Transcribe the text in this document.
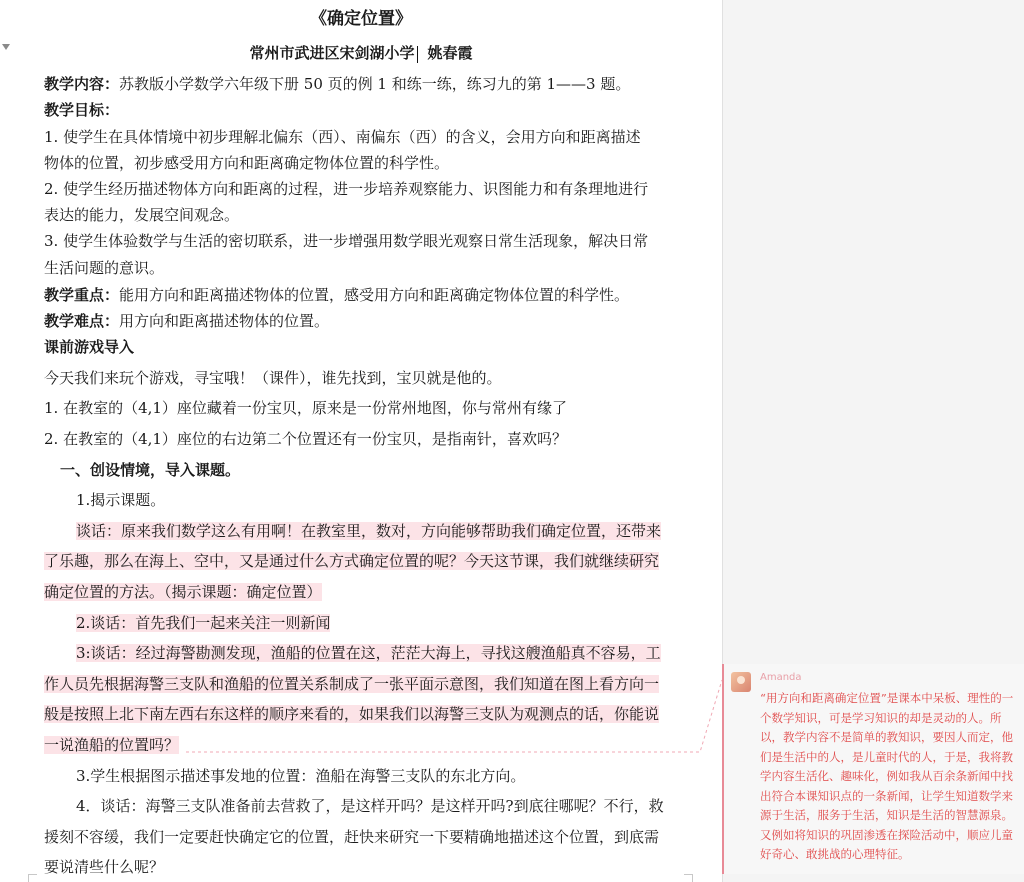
《确定位置》
常州市武进区宋剑湖小学 姚春霞
教学内容：苏教版小学数学六年级下册 50 页的例 1 和练一练，练习九的第 1——3 题。
教学目标：
1. 使学生在具体情境中初步理解北偏东（西）、南偏东（西）的含义，会用方向和距离描述
物体的位置，初步感受用方向和距离确定物体位置的科学性。
2. 使学生经历描述物体方向和距离的过程，进一步培养观察能力、识图能力和有条理地进行
表达的能力，发展空间观念。
3. 使学生体验数学与生活的密切联系，进一步增强用数学眼光观察日常生活现象，解决日常
生活问题的意识。
教学重点：能用方向和距离描述物体的位置，感受用方向和距离确定物体位置的科学性。
教学难点：用方向和距离描述物体的位置。
课前游戏导入
今天我们来玩个游戏，寻宝哦！（课件），谁先找到，宝贝就是他的。
1. 在教室的（4,1）座位藏着一份宝贝，原来是一份常州地图，你与常州有缘了
2. 在教室的（4,1）座位的右边第二个位置还有一份宝贝，是指南针，喜欢吗？
一、创设情境，导入课题。
1.揭示课题。
谈话：原来我们数学这么有用啊！在教室里，数对，方向能够帮助我们确定位置，还带来
了乐趣，那么在海上、空中，又是通过什么方式确定位置的呢？今天这节课，我们就继续研究
确定位置的方法。（揭示课题：确定位置）
2.谈话：首先我们一起来关注一则新闻
3:谈话：经过海警勘测发现，渔船的位置在这，茫茫大海上，寻找这艘渔船真不容易，工
作人员先根据海警三支队和渔船的位置关系制成了一张平面示意图，我们知道在图上看方向一
般是按照上北下南左西右东这样的顺序来看的，如果我们以海警三支队为观测点的话，你能说
一说渔船的位置吗？
3.学生根据图示描述事发地的位置：渔船在海警三支队的东北方向。
4．谈话：海警三支队准备前去营救了，是这样开吗？是这样开吗?到底往哪呢？不行，救
援刻不容缓，我们一定要赶快确定它的位置，赶快来研究一下要精确地描述这个位置，到底需
要说清些什么呢？
Amanda
“用方向和距离确定位置”是课本中呆板、理性的一个数学知识，可是学习知识的却是灵动的人。所以，教学内容不是简单的教知识，要因人而定，他们是生活中的人，是儿童时代的人，于是，我将教学内容生活化、趣味化，例如我从百余条新闻中找出符合本课知识点的一条新闻，让学生知道数学来源于生活，服务于生活，知识是生活的智慧源泉。又例如将知识的巩固渗透在探险活动中，顺应儿童好奇心、敢挑战的心理特征。
